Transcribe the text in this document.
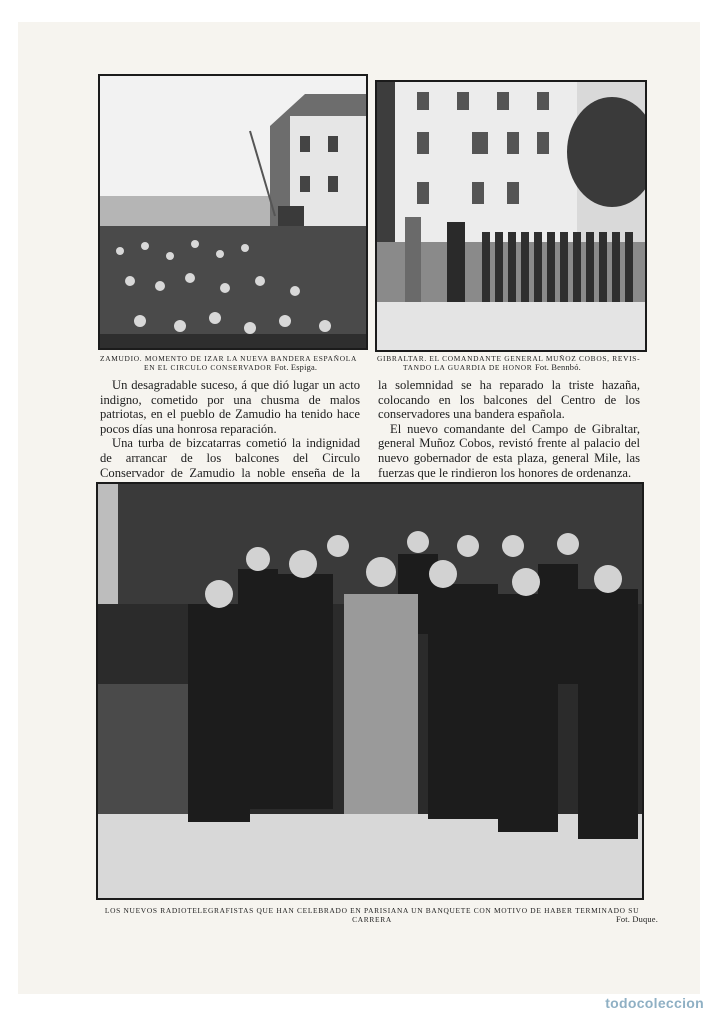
ZAMUDIO. MOMENTO DE IZAR LA NUEVA BANDERA ESPAÑOLA
EN EL CIRCULO CONSERVADOR Fot. Espiga.
GIBRALTAR. EL COMANDANTE GENERAL MUÑOZ COBOS, REVIS-
TANDO LA GUARDIA DE HONOR Fot. Bennbó.

Un desagradable suceso, á que dió lugar un acto indigno, cometido por una chusma de malos patriotas, en el pueblo de Zamudio ha tenido hace pocos días una honrosa reparación.

Una turba de bizcatarras cometió la indignidad de arrancar de los balcones del Circulo Conservador de Zamudio la noble enseña de la

la solemnidad se ha reparado la triste hazaña, colocando en los balcones del Centro de los conservadores una bandera española.

El nuevo comandante del Campo de Gibraltar, general Muñoz Cobos, revistó frente al palacio del nuevo gobernador de esta plaza, general Mile, las fuerzas que le rindieron los honores de ordenanza.

LOS NUEVOS RADIOTELEGRAFISTAS QUE HAN CELEBRADO EN PARISIANA UN BANQUETE CON MOTIVO DE HABER TERMINADO SU
CARRERA	Fot. Duque.
todocoleccion
